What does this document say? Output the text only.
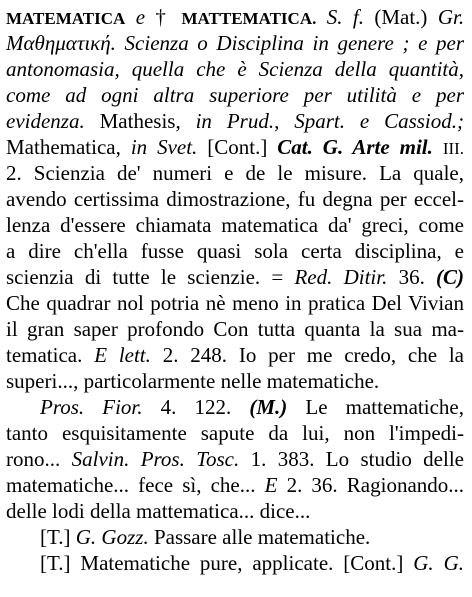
MATEMATICA e † MATTEMATICA. S. f. (Mat.) Gr.
Μαθηματική. Scienza o Disciplina in genere ; e per
antonomasia, quella che è Scienza della quantità,
come ad ogni altra superiore per utilità e per
evidenza. Mathesis, in Prud., Spart. e Cassiod.;
Mathematica, in Svet. [Cont.] Cat. G. Arte mil. III.
2. Scienzia de' numeri e de le misure. La quale,
avendo certissima dimostrazione, fu degna per eccel-
lenza d'essere chiamata matematica da' greci, come
a dire ch'ella fusse quasi sola certa disciplina, e
scienzia di tutte le scienzie. = Red. Ditir. 36. (C)
Che quadrar nol potria nè meno in pratica Del Vivian
il gran saper profondo Con tutta quanta la sua ma-
tematica. E lett. 2. 248. Io per me credo, che la
superi..., particolarmente nelle matematiche.
Pros. Fior. 4. 122. (M.) Le mattematiche,
tanto esquisitamente sapute da lui, non l'impedi-
rono... Salvin. Pros. Tosc. 1. 383. Lo studio delle
matematiche... fece sì, che... E 2. 36. Ragionando...
delle lodi della mattematica... dice...
[T.] G. Gozz. Passare alle matematiche.
[T.] Matematiche pure, applicate. [Cont.] G. G.
